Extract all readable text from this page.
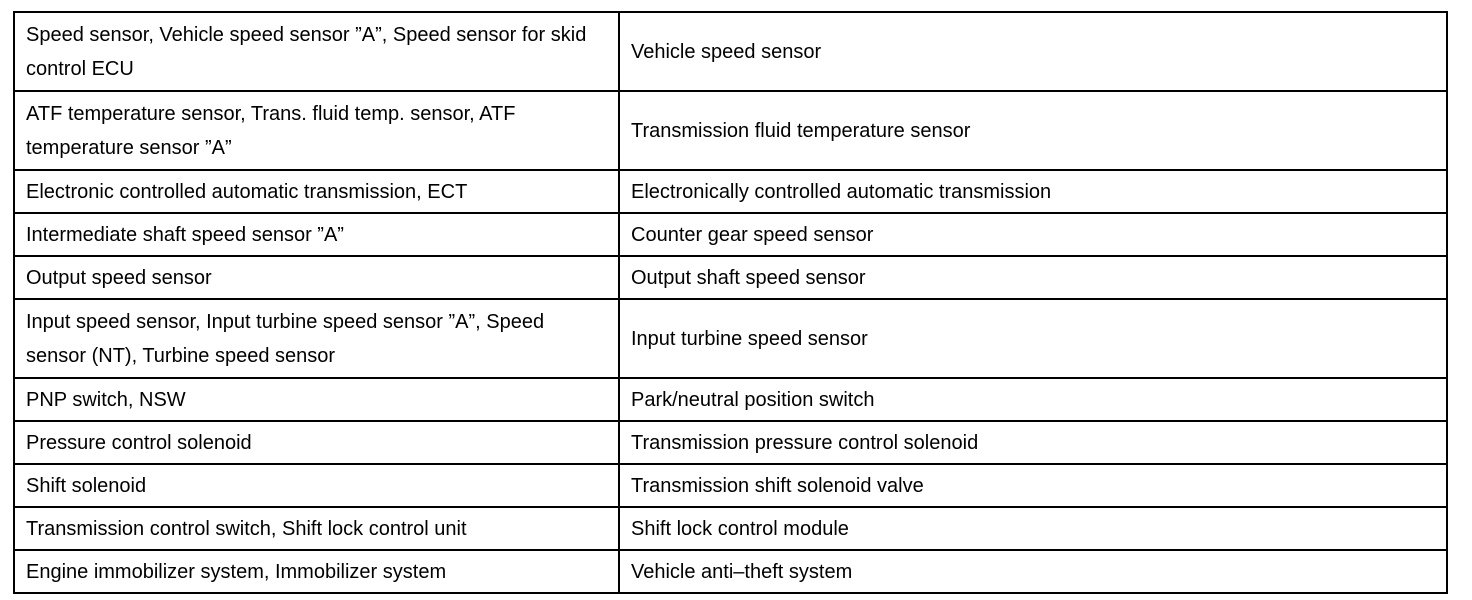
Speed sensor, Vehicle speed sensor ”A”, Speed sensor for skid control ECU	Vehicle speed sensor
ATF temperature sensor, Trans. fluid temp. sensor, ATF temperature sensor ”A”	Transmission fluid temperature sensor
Electronic controlled automatic transmission, ECT	Electronically controlled automatic transmission
Intermediate shaft speed sensor ”A”	Counter gear speed sensor
Output speed sensor	Output shaft speed sensor
Input speed sensor, Input turbine speed sensor ”A”, Speed sensor (NT), Turbine speed sensor	Input turbine speed sensor
PNP switch, NSW	Park/neutral position switch
Pressure control solenoid	Transmission pressure control solenoid
Shift solenoid	Transmission shift solenoid valve
Transmission control switch, Shift lock control unit	Shift lock control module
Engine immobilizer system, Immobilizer system	Vehicle anti–theft system
